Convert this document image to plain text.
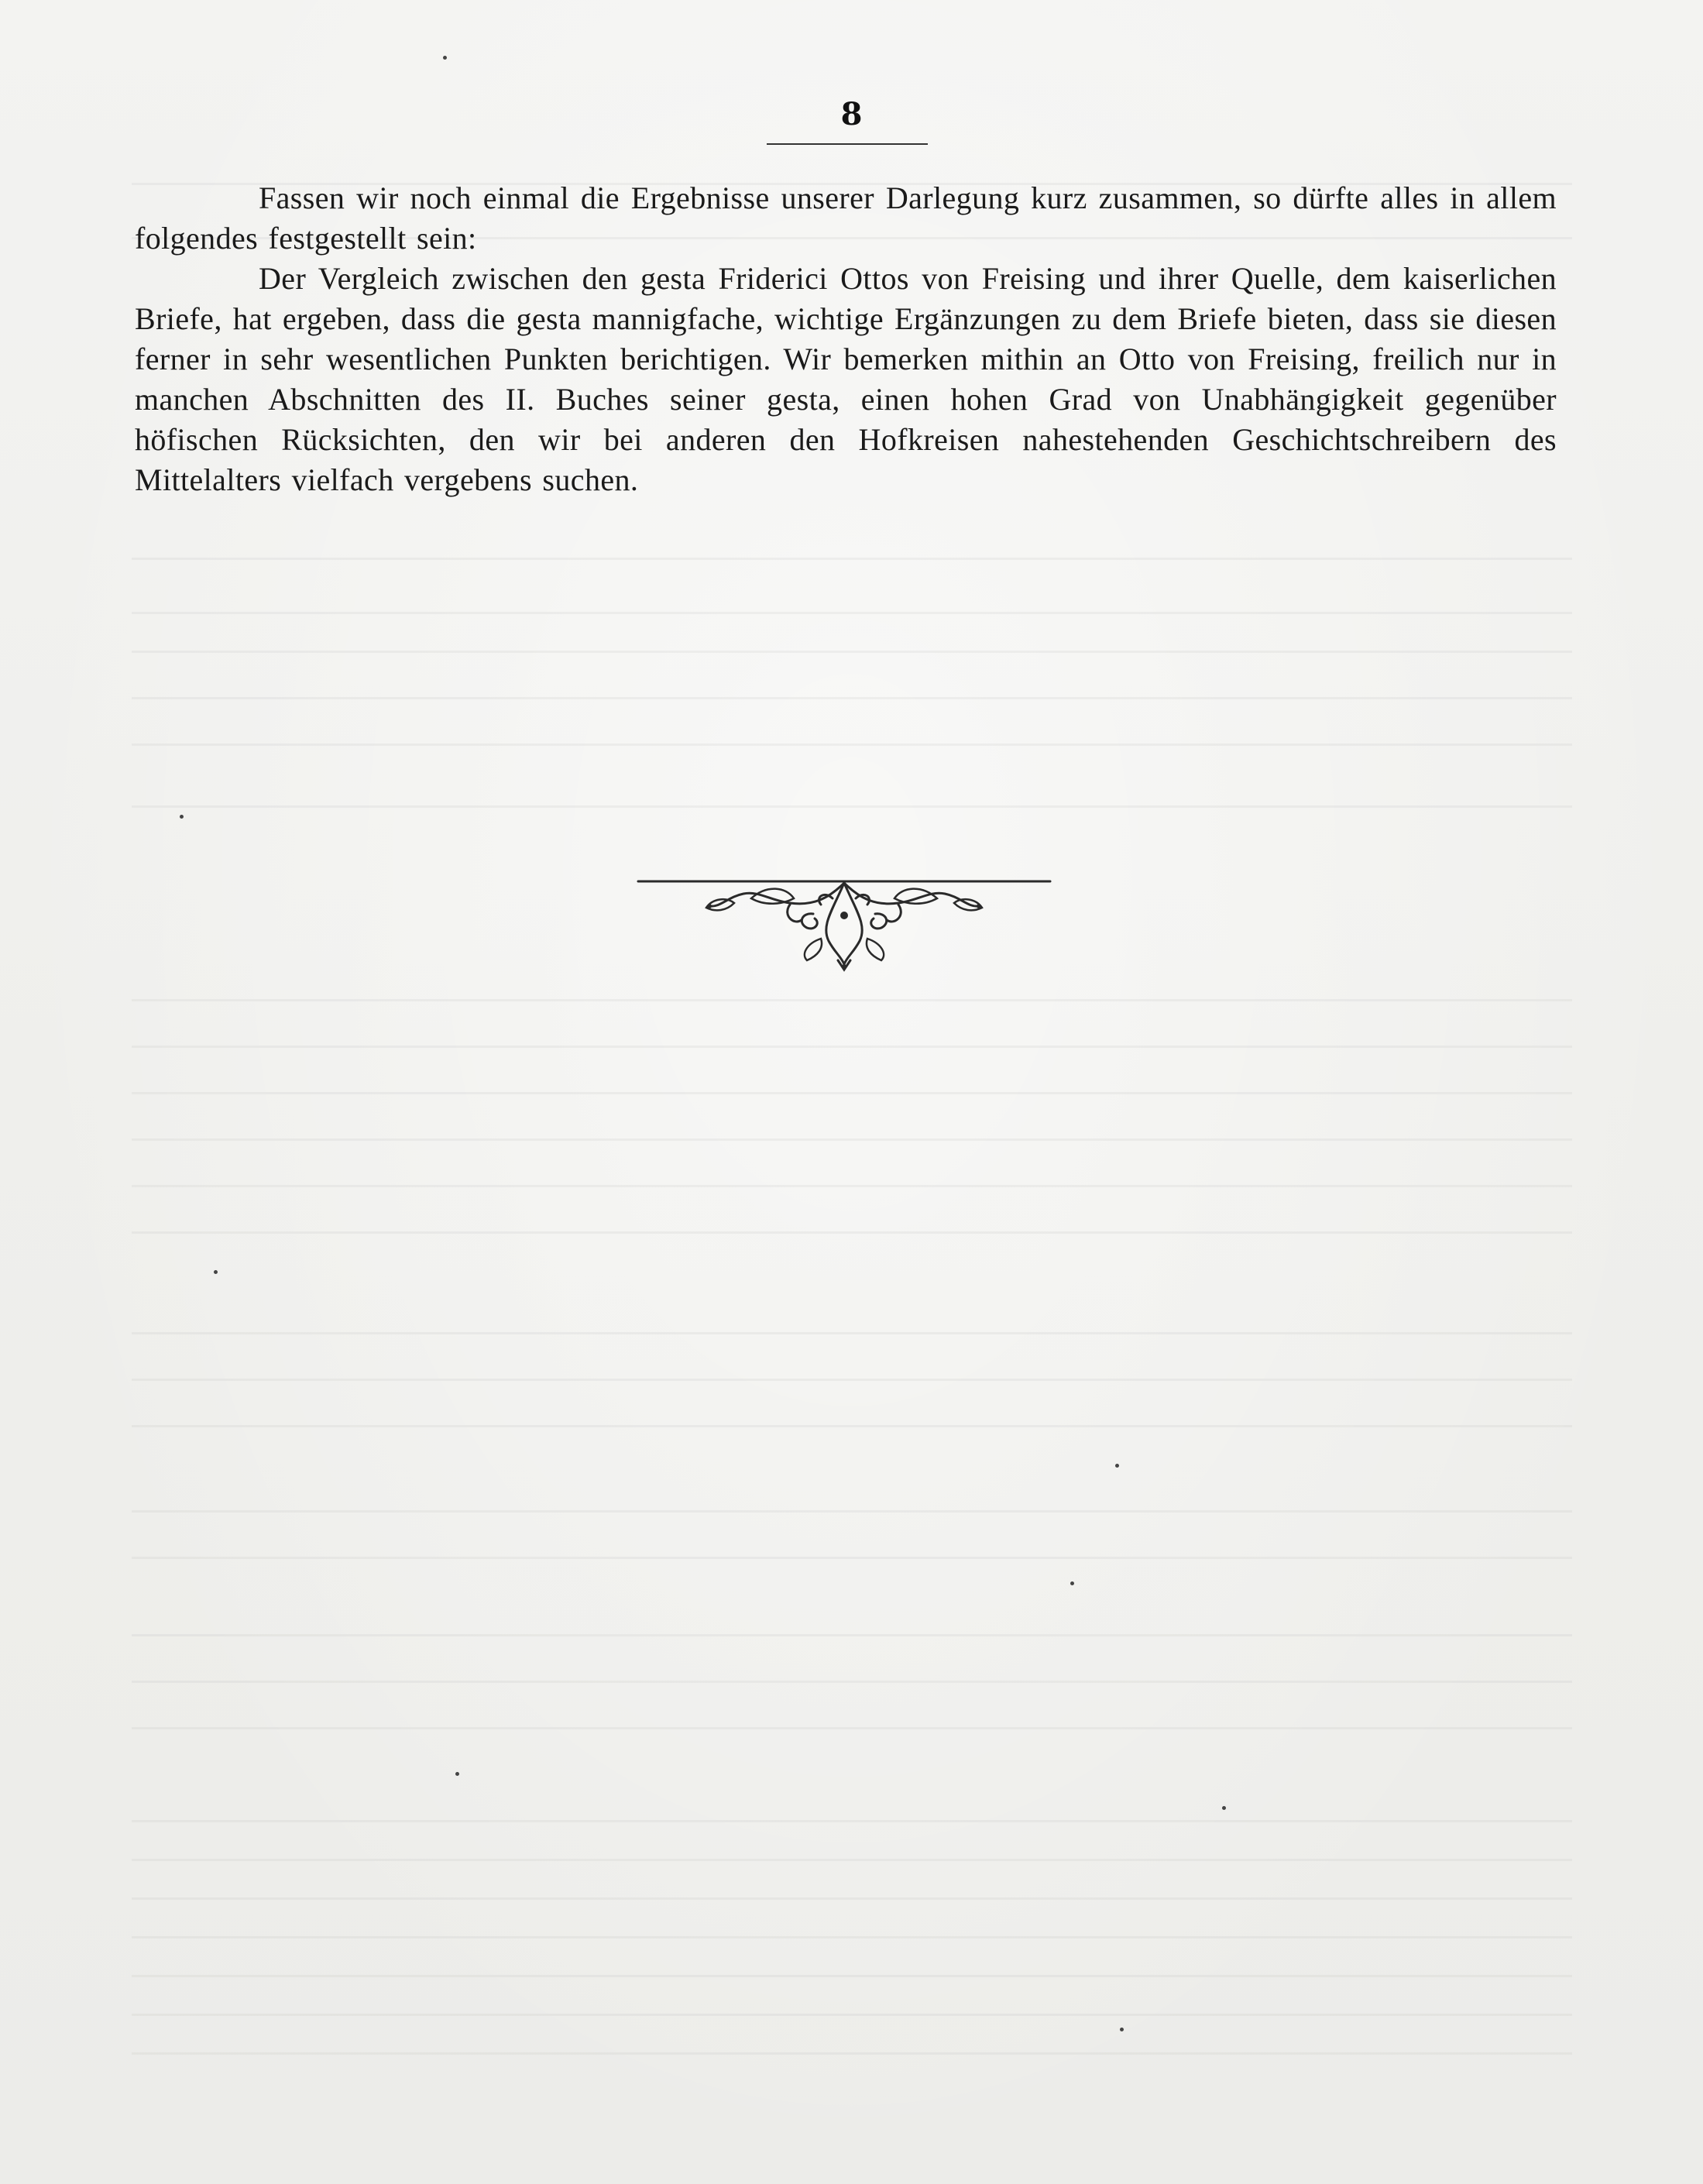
8

Fassen wir noch einmal die Ergebnisse unserer Darlegung kurz zusammen, so dürfte alles in allem folgendes festgestellt sein:

Der Vergleich zwischen den gesta Friderici Ottos von Freising und ihrer Quelle, dem kaiserlichen Briefe, hat ergeben, dass die gesta mannigfache, wichtige Ergänzungen zu dem Briefe bieten, dass sie diesen ferner in sehr wesentlichen Punkten berichtigen. Wir bemerken mithin an Otto von Freising, freilich nur in manchen Abschnitten des II. Buches seiner gesta, einen hohen Grad von Unabhängigkeit gegenüber höfischen Rücksichten, den wir bei anderen den Hofkreisen nahestehenden Geschichtschreibern des Mittelalters vielfach vergebens suchen.
